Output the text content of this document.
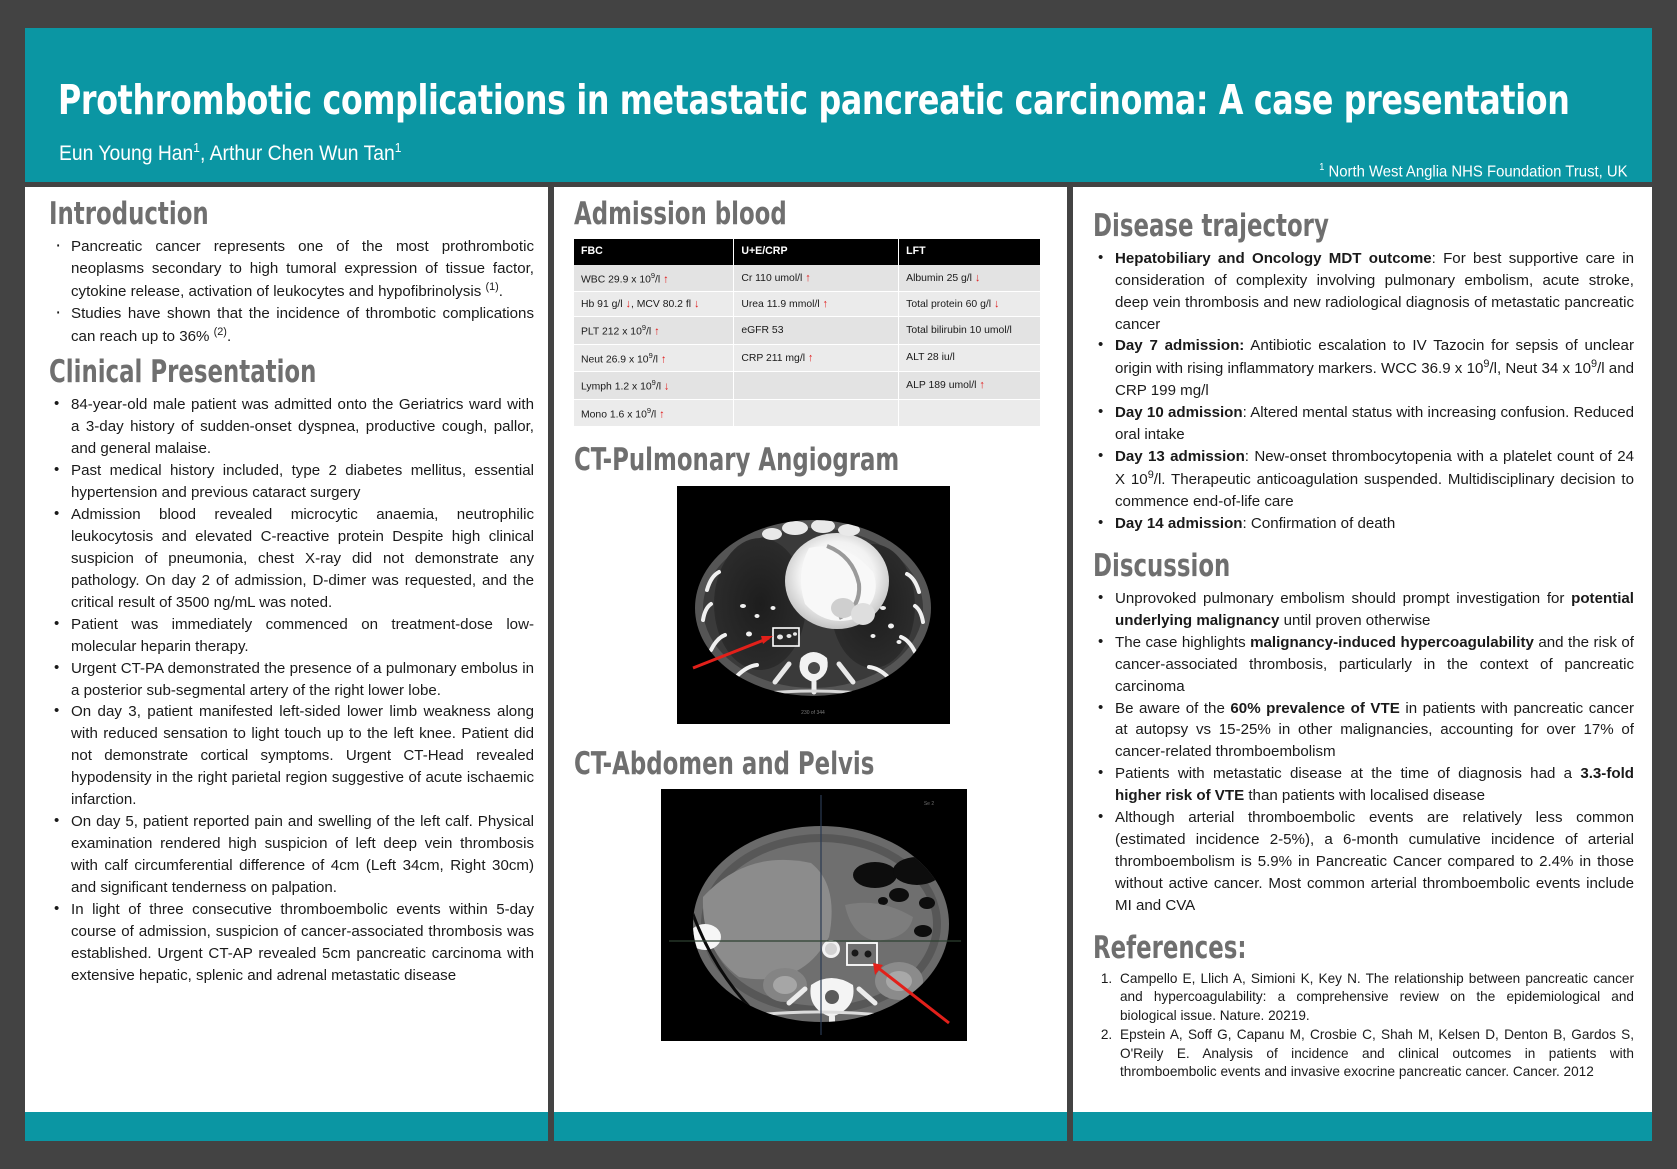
Prothrombotic complications in metastatic pancreatic carcinoma: A case presentation
Eun Young Han$^1$, Arthur Chen Wun Tan$^1$
$^1$ North West Anglia NHS Foundation Trust, UK
Introduction
· Pancreatic cancer represents one of the most prothrombotic neoplasms secondary to high tumoral expression of tissue factor, cytokine release, activation of leukocytes and hypofibrinolysis $^{(1)}$.
· Studies have shown that the incidence of thrombotic complications can reach up to 36% $^{(2)}$.
Clinical Presentation
• 84-year-old male patient was admitted onto the Geriatrics ward with a 3-day history of sudden-onset dyspnea, productive cough, pallor, and general malaise.
• Past medical history included, type 2 diabetes mellitus, essential hypertension and previous cataract surgery
• Admission blood revealed microcytic anaemia, neutrophilic leukocytosis and elevated C-reactive protein Despite high clinical suspicion of pneumonia, chest X-ray did not demonstrate any pathology. On day 2 of admission, D-dimer was requested, and the critical result of 3500 ng/mL was noted.
• Patient was immediately commenced on treatment-dose low-molecular heparin therapy.
• Urgent CT-PA demonstrated the presence of a pulmonary embolus in a posterior sub-segmental artery of the right lower lobe.
• On day 3, patient manifested left-sided lower limb weakness along with reduced sensation to light touch up to the left knee. Patient did not demonstrate cortical symptoms. Urgent CT-Head revealed hypodensity in the right parietal region suggestive of acute ischaemic infarction.
• On day 5, patient reported pain and swelling of the left calf. Physical examination rendered high suspicion of left deep vein thrombosis with calf circumferential difference of 4cm (Left 34cm, Right 30cm) and significant tenderness on palpation.
• In light of three consecutive thromboembolic events within 5-day course of admission, suspicion of cancer-associated thrombosis was established. Urgent CT-AP revealed 5cm pancreatic carcinoma with extensive hepatic, splenic and adrenal metastatic disease
Admission blood
FBC	U+E/CRP	LFT
WBC 29.9 x $10^9/l$ ↑	Cr 110 umol/l ↑	Albumin 25 g/l ↓
Hb 91 g/l ↓, MCV 80.2 fl ↓	Urea 11.9 mmol/l ↑	Total protein 60 g/l ↓
PLT 212 x $10^9/l$ ↑	eGFR 53	Total bilirubin 10 umol/l
Neut 26.9 x $10^9/l$ ↑	CRP 211 mg/l ↑	ALT 28 iu/l
Lymph 1.2 x $10^9/l$ ↓		ALP 189 umol/l ↑
Mono 1.6 x $10^9/l$ ↑		
CT-Pulmonary Angiogram
230 of 344
CT-Abdomen and Pelvis
Se 2
Disease trajectory
• Hepatobiliary and Oncology MDT outcome: For best supportive care in consideration of complexity involving pulmonary embolism, acute stroke, deep vein thrombosis and new radiological diagnosis of metastatic pancreatic cancer
• Day 7 admission: Antibiotic escalation to IV Tazocin for sepsis of unclear origin with rising inflammatory markers. WCC 36.9 x $10^9/l$, Neut 34 x $10^9/l$ and CRP 199 mg/l
• Day 10 admission: Altered mental status with increasing confusion. Reduced oral intake
• Day 13 admission: New-onset thrombocytopenia with a platelet count of 24 X $10^9/l$. Therapeutic anticoagulation suspended. Multidisciplinary decision to commence end-of-life care
• Day 14 admission: Confirmation of death
Discussion
• Unprovoked pulmonary embolism should prompt investigation for potential underlying malignancy until proven otherwise
• The case highlights malignancy-induced hypercoagulability and the risk of cancer-associated thrombosis, particularly in the context of pancreatic carcinoma
• Be aware of the 60% prevalence of VTE in patients with pancreatic cancer at autopsy vs 15-25% in other malignancies, accounting for over 17% of cancer-related thromboembolism
• Patients with metastatic disease at the time of diagnosis had a 3.3-fold higher risk of VTE than patients with localised disease
• Although arterial thromboembolic events are relatively less common (estimated incidence 2-5%), a 6-month cumulative incidence of arterial thromboembolism is 5.9% in Pancreatic Cancer compared to 2.4% in those without active cancer. Most common arterial thromboembolic events include MI and CVA
References:
1. Campello E, Llich A, Simioni K, Key N. The relationship between pancreatic cancer and hypercoagulability: a comprehensive review on the epidemiological and biological issue. Nature. 20219.
2. Epstein A, Soff G, Capanu M, Crosbie C, Shah M, Kelsen D, Denton B, Gardos S, O'Reily E. Analysis of incidence and clinical outcomes in patients with thromboembolic events and invasive exocrine pancreatic cancer. Cancer. 2012
